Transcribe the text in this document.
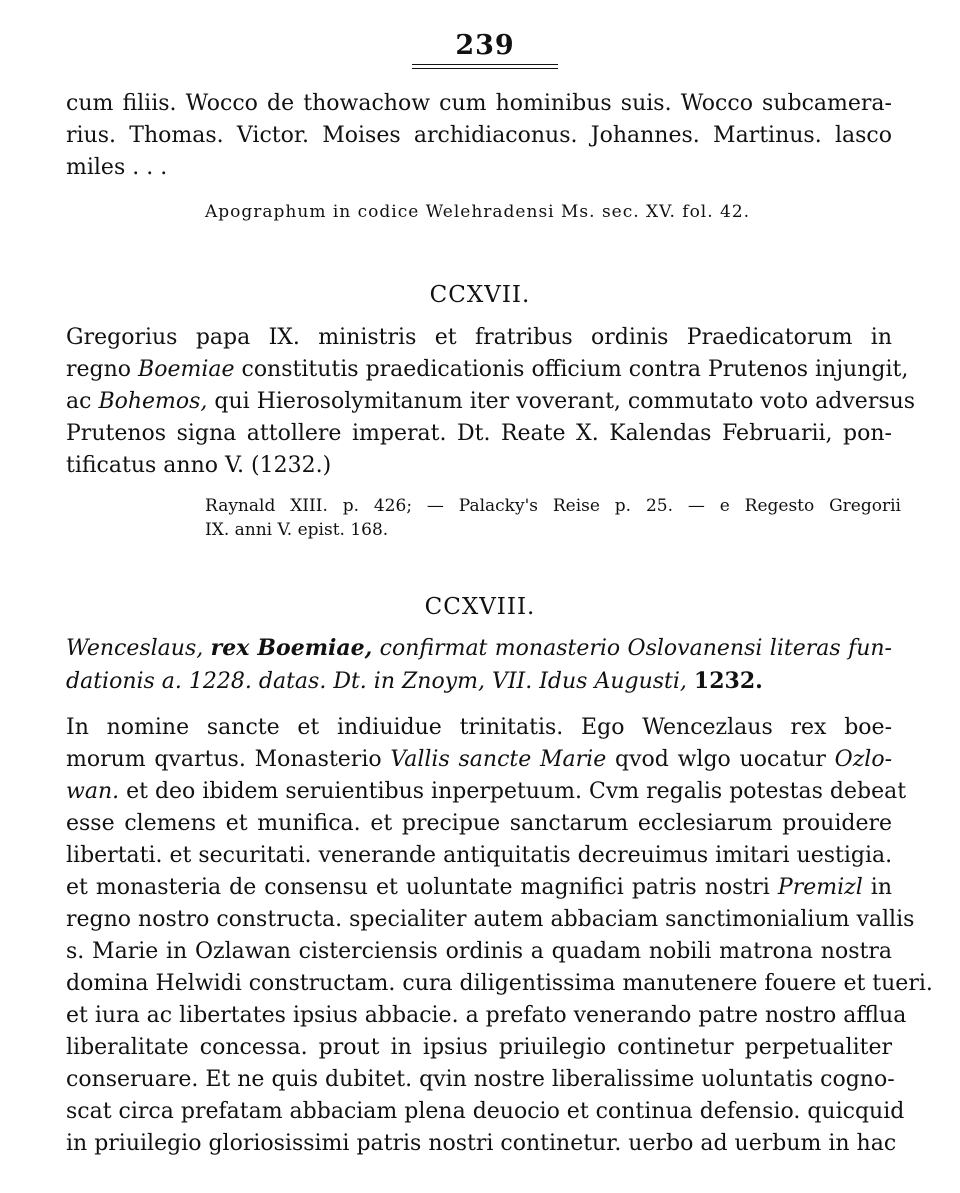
239
cum filiis. Wocco de thowachow cum hominibus suis. Wocco subcamera-
rius. Thomas. Victor. Moises archidiaconus. Johannes. Martinus. lasco
miles . . .
Apographum in codice Welehradensi Ms. sec. XV. fol. 42.
CCXVII.
Gregorius papa IX. ministris et fratribus ordinis Praedicatorum in
regno Boemiae constitutis praedicationis officium contra Prutenos injungit,
ac Bohemos, qui Hierosolymitanum iter voverant, commutato voto adversus
Prutenos signa attollere imperat. Dt. Reate X. Kalendas Februarii, pon-
tificatus anno V. (1232.)
Raynald XIII. p. 426; — Palacky's Reise p. 25. — e Regesto Gregorii
IX. anni V. epist. 168.
CCXVIII.
Wenceslaus, rex Boemiae, confirmat monasterio Oslovanensi literas fun-
dationis a. 1228. datas. Dt. in Znoym, VII. Idus Augusti, 1232.
In nomine sancte et indiuidue trinitatis. Ego Wencezlaus rex boe-
morum qvartus. Monasterio Vallis sancte Marie qvod wlgo uocatur Ozlo-
wan. et deo ibidem seruientibus inperpetuum. Cvm regalis potestas debeat
esse clemens et munifica. et precipue sanctarum ecclesiarum prouidere
libertati. et securitati. venerande antiquitatis decreuimus imitari uestigia.
et monasteria de consensu et uoluntate magnifici patris nostri Premizl in
regno nostro constructa. specialiter autem abbaciam sanctimonialium vallis
s. Marie in Ozlawan cisterciensis ordinis a quadam nobili matrona nostra
domina Helwidi constructam. cura diligentissima manutenere fouere et tueri.
et iura ac libertates ipsius abbacie. a prefato venerando patre nostro afflua
liberalitate concessa. prout in ipsius priuilegio continetur perpetualiter
conseruare. Et ne quis dubitet. qvin nostre liberalissime uoluntatis cogno-
scat circa prefatam abbaciam plena deuocio et continua defensio. quicquid
in priuilegio gloriosissimi patris nostri continetur. uerbo ad uerbum in hac
